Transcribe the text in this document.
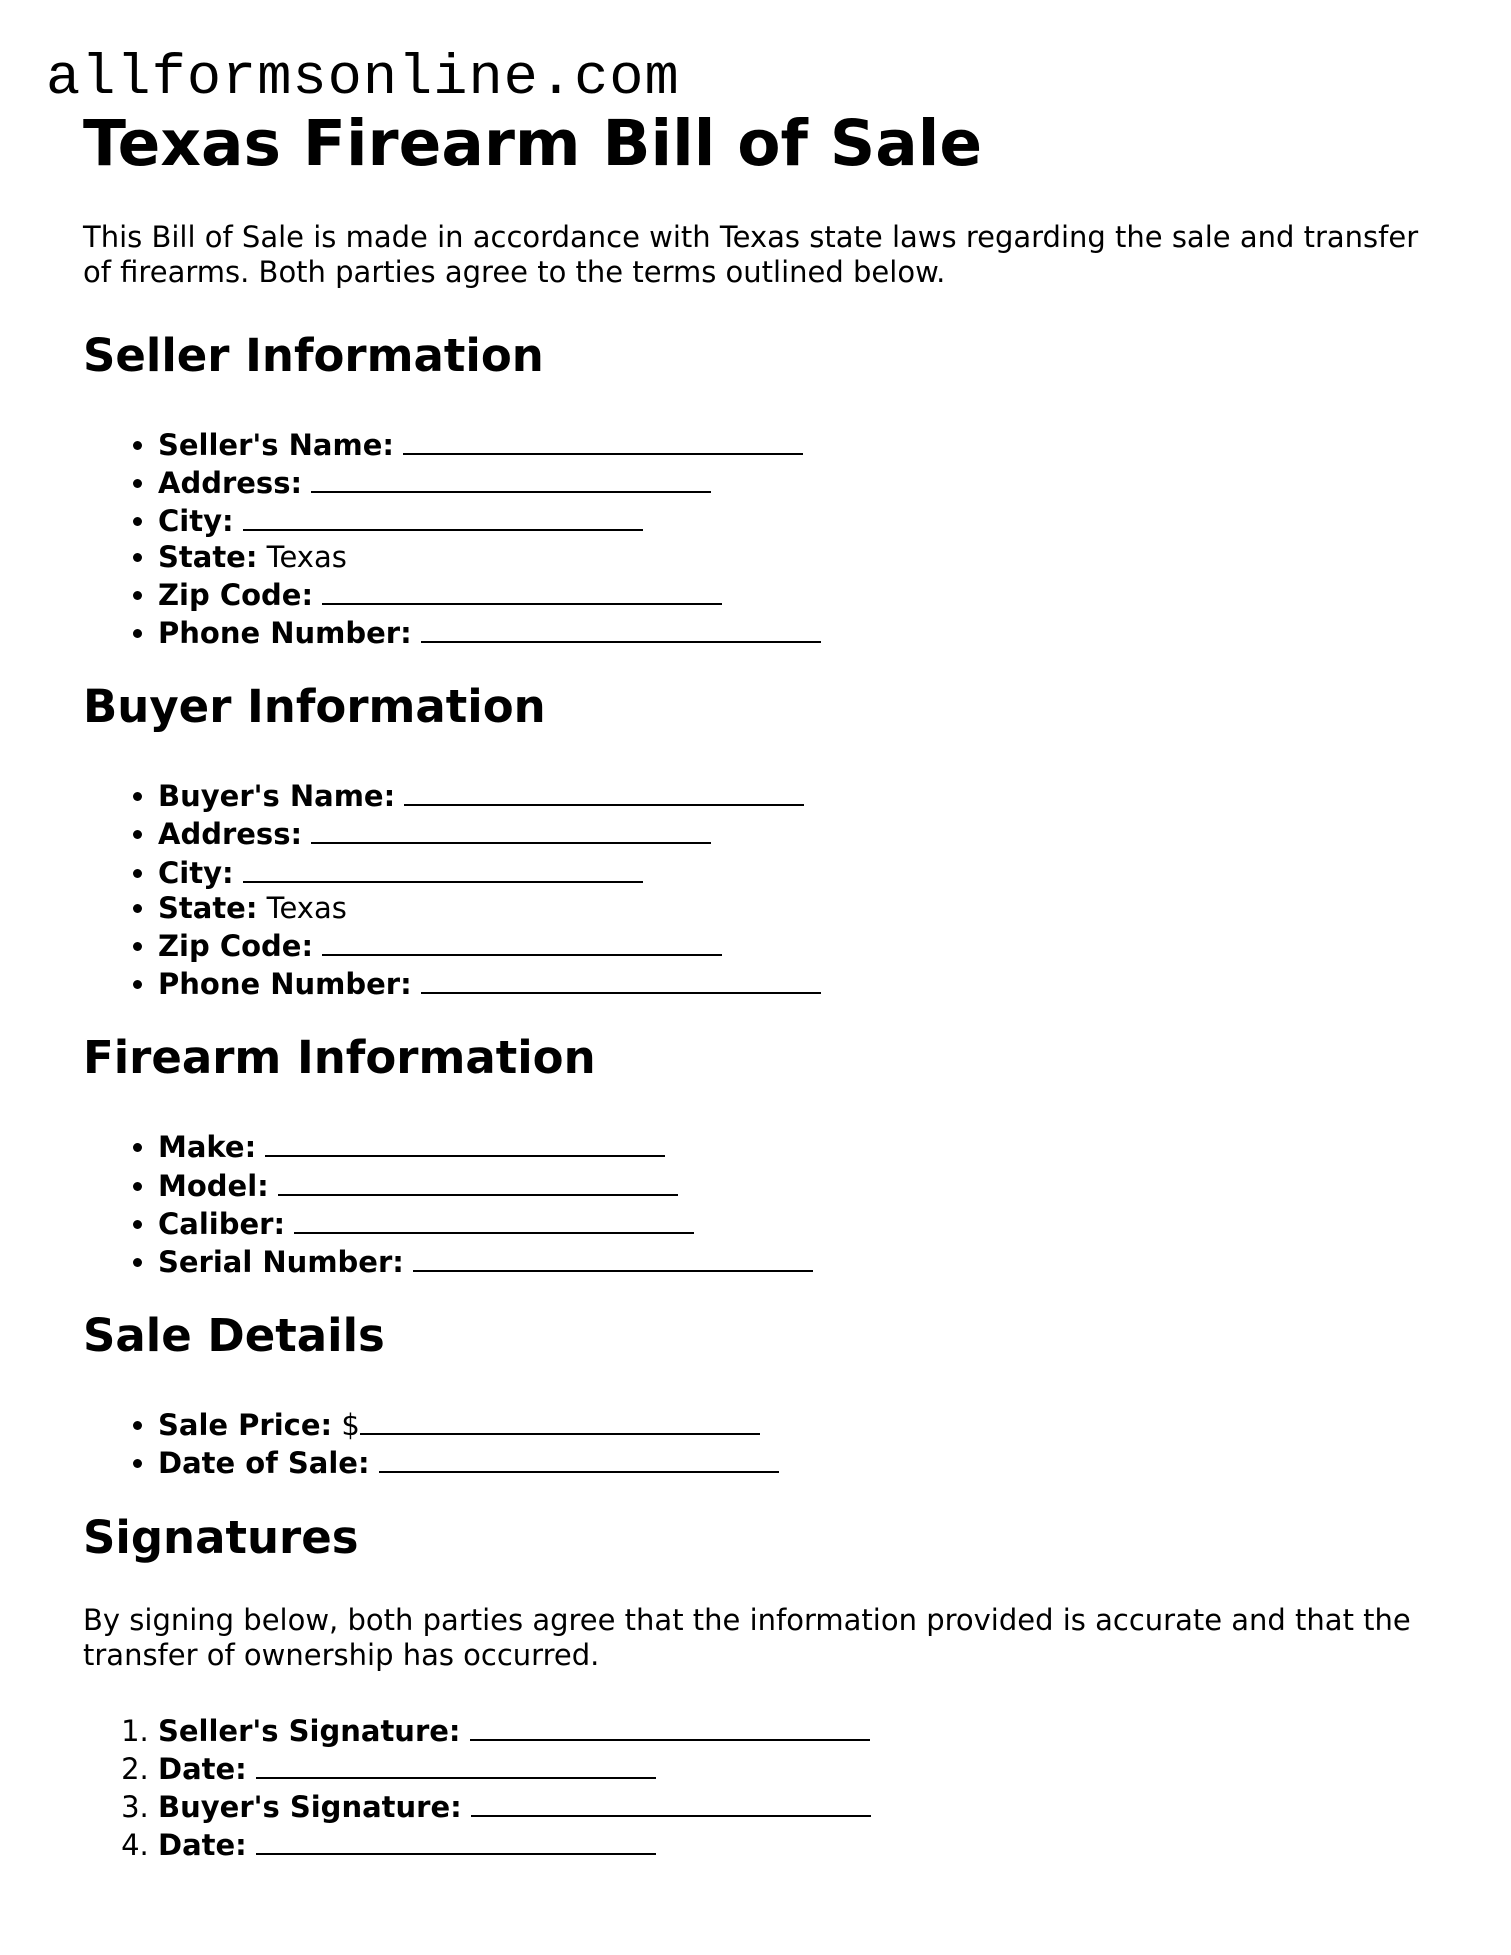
allformsonline.com
Texas Firearm Bill of Sale

This Bill of Sale is made in accordance with Texas state laws regarding the sale and transfer of firearms. Both parties agree to the terms outlined below.

Seller Information
• Seller's Name:
• Address:
• City:
• State: Texas
• Zip Code:
• Phone Number:
Buyer Information
• Buyer's Name:
• Address:
• City:
• State: Texas
• Zip Code:
• Phone Number:
Firearm Information
• Make:
• Model:
• Caliber:
• Serial Number:
Sale Details
• Sale Price: $
• Date of Sale:
Signatures

By signing below, both parties agree that the information provided is accurate and that the transfer of ownership has occurred.

1. Seller's Signature:
2. Date:
3. Buyer's Signature:
4. Date:
